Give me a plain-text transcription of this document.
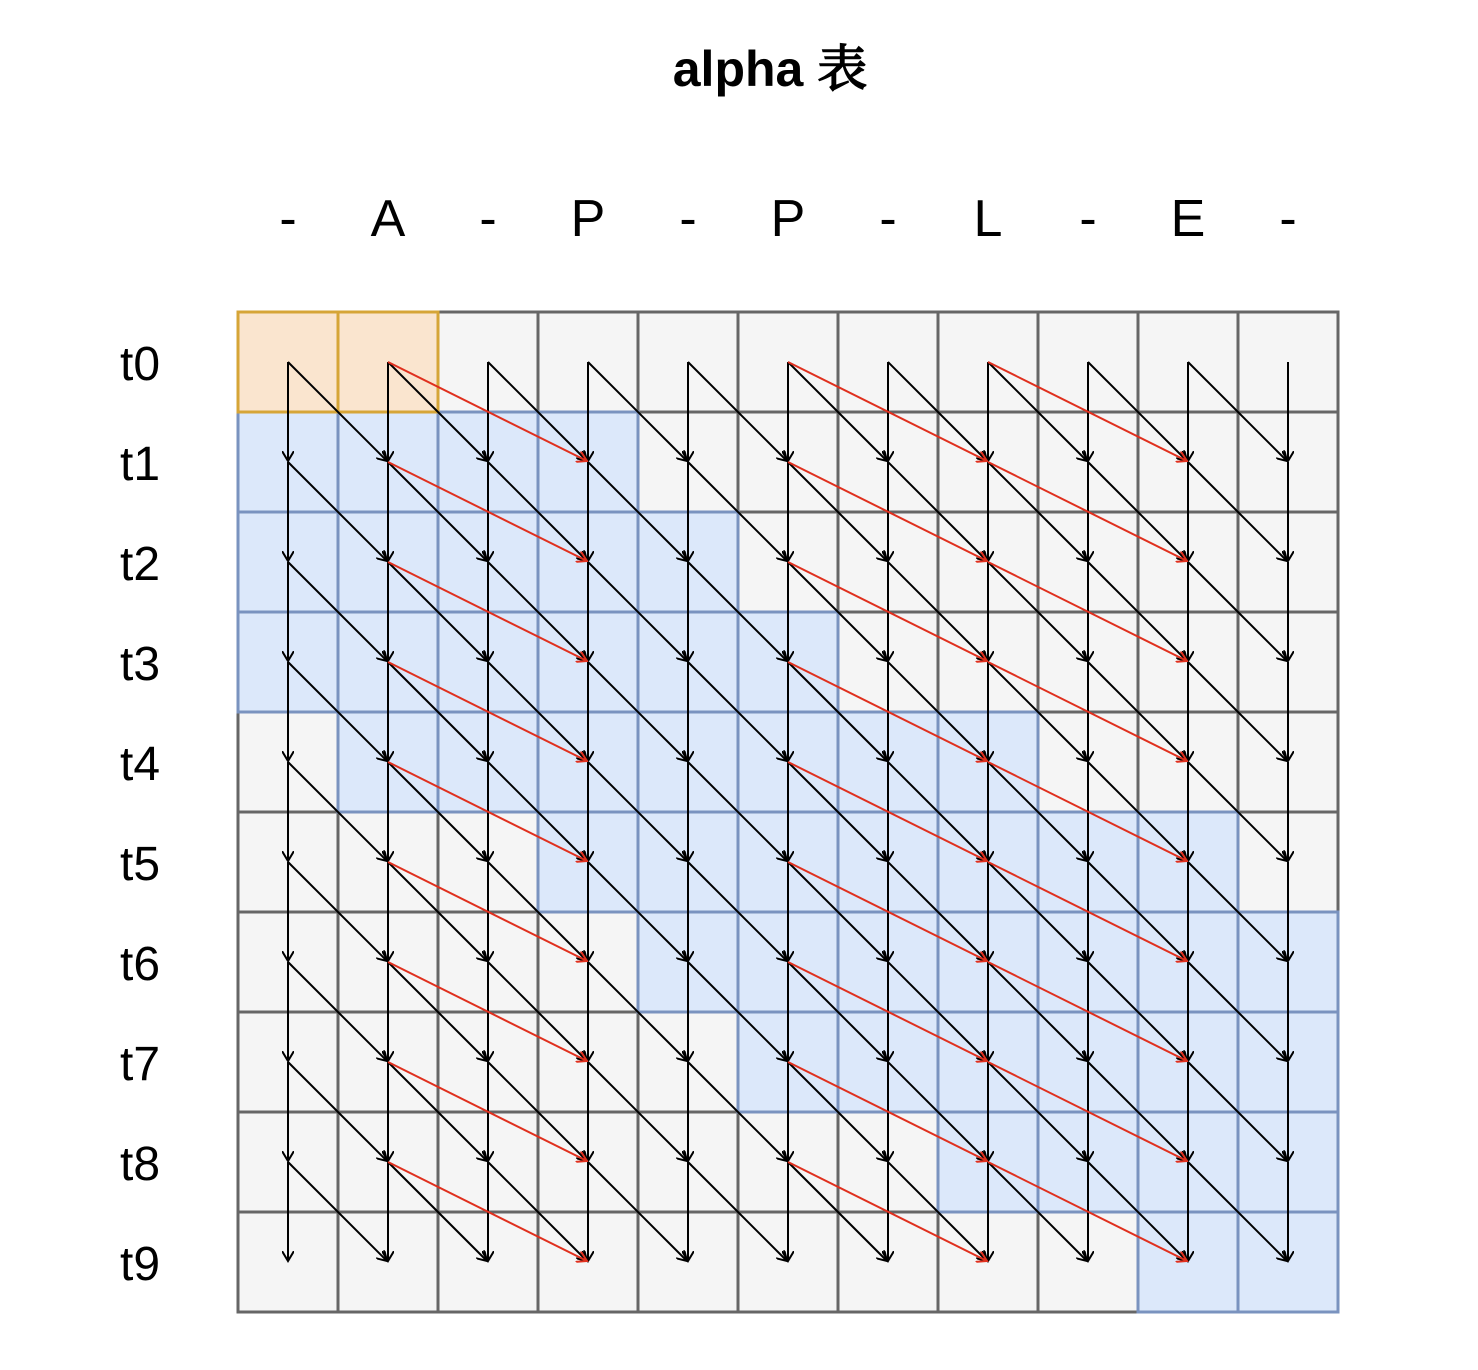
alpha 表
- A - P - P - L - E -
t0
t1
t2
t3
t4
t5
t6
t7
t8
t9
